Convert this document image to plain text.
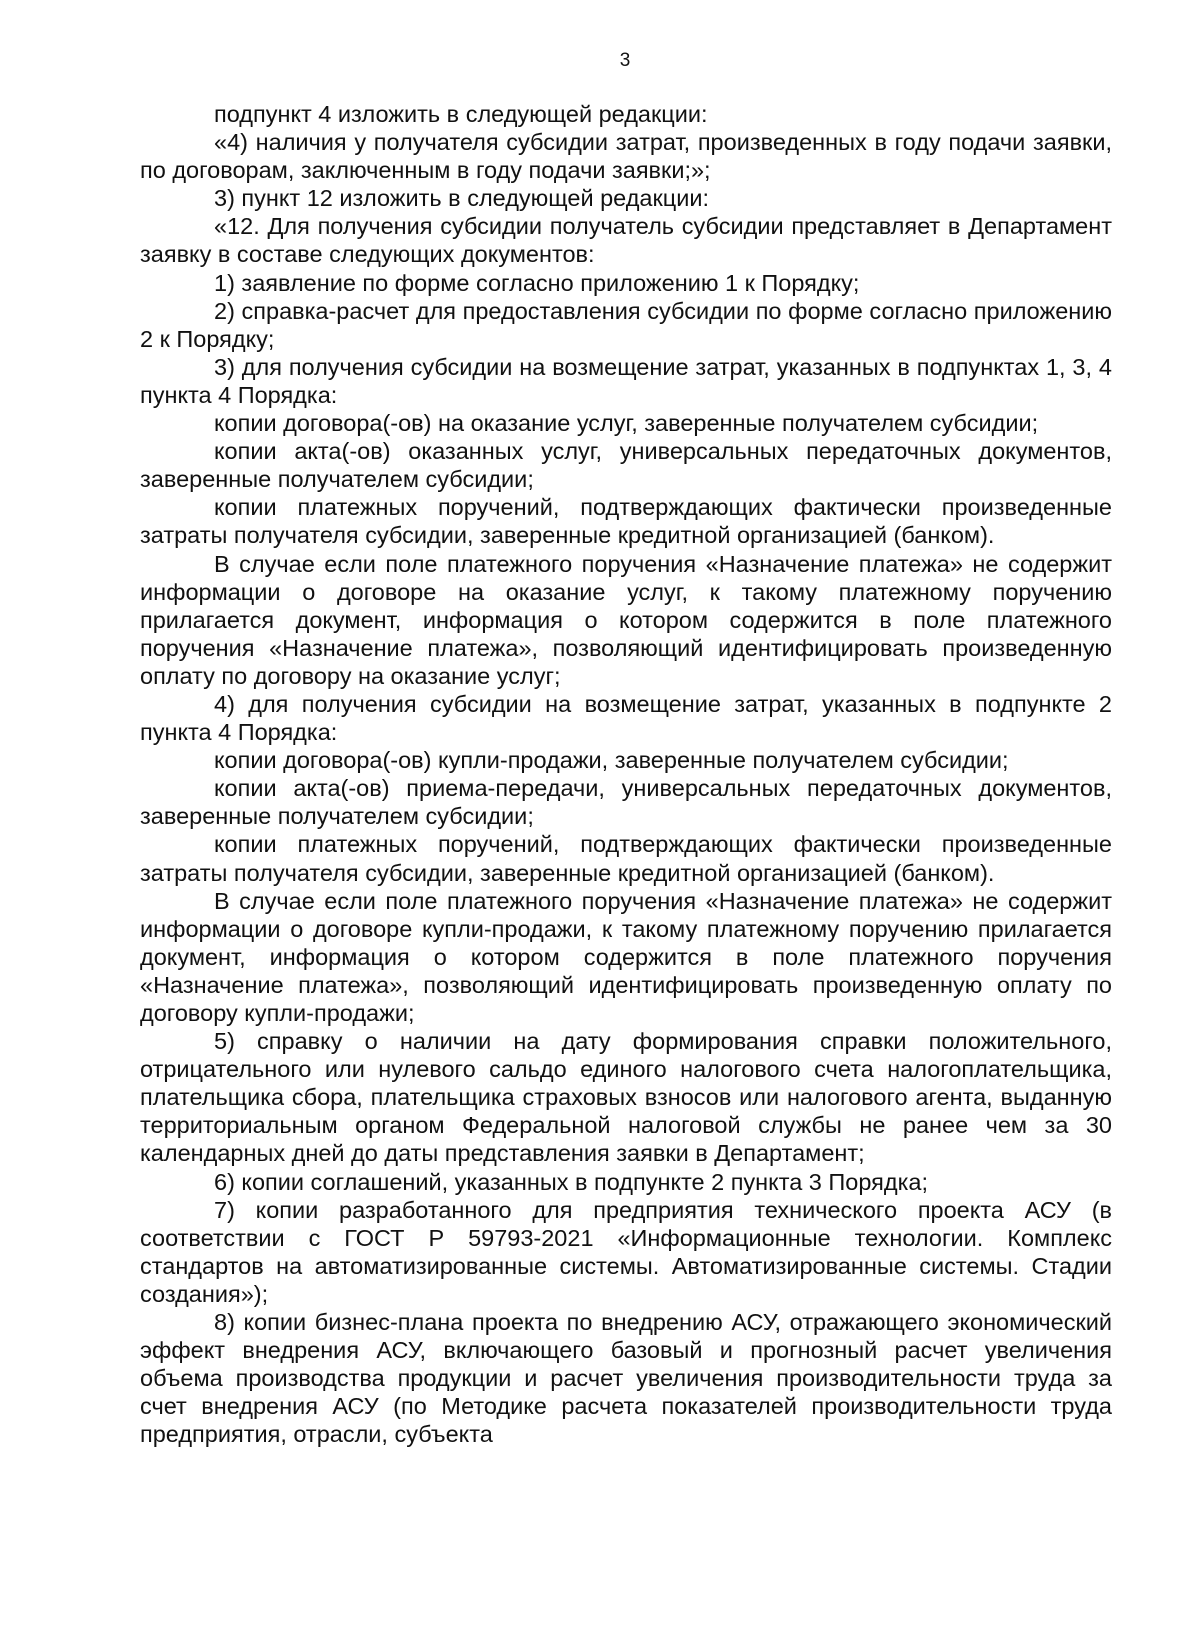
3

подпункт 4 изложить в следующей редакции:

«4) наличия у получателя субсидии затрат, произведенных в году подачи заявки, по договорам, заключенным в году подачи заявки;»;

3) пункт 12 изложить в следующей редакции:

«12. Для получения субсидии получатель субсидии представляет в Департамент заявку в составе следующих документов:

1) заявление по форме согласно приложению 1 к Порядку;

2) справка-расчет для предоставления субсидии по форме согласно приложению 2 к Порядку;

3) для получения субсидии на возмещение затрат, указанных в подпунктах 1, 3, 4 пункта 4 Порядка:

копии договора(-ов) на оказание услуг, заверенные получателем субсидии;

копии акта(-ов) оказанных услуг, универсальных передаточных документов, заверенные получателем субсидии;

копии платежных поручений, подтверждающих фактически произведенные затраты получателя субсидии, заверенные кредитной организацией (банком).

В случае если поле платежного поручения «Назначение платежа» не содержит информации о договоре на оказание услуг, к такому платежному поручению прилагается документ, информация о котором содержится в поле платежного поручения «Назначение платежа», позволяющий идентифицировать произведенную оплату по договору на оказание услуг;

4) для получения субсидии на возмещение затрат, указанных в подпункте 2 пункта 4 Порядка:

копии договора(-ов) купли-продажи, заверенные получателем субсидии;

копии акта(-ов) приема-передачи, универсальных передаточных документов, заверенные получателем субсидии;

копии платежных поручений, подтверждающих фактически произведенные затраты получателя субсидии, заверенные кредитной организацией (банком).

В случае если поле платежного поручения «Назначение платежа» не содержит информации о договоре купли-продажи, к такому платежному поручению прилагается документ, информация о котором содержится в поле платежного поручения «Назначение платежа», позволяющий идентифицировать произведенную оплату по договору купли-продажи;

5) справку о наличии на дату формирования справки положительного, отрицательного или нулевого сальдо единого налогового счета налогоплательщика, плательщика сбора, плательщика страховых взносов или налогового агента, выданную территориальным органом Федеральной налоговой службы не ранее чем за 30 календарных дней до даты представления заявки в Департамент;

6) копии соглашений, указанных в подпункте 2 пункта 3 Порядка;

7) копии разработанного для предприятия технического проекта АСУ (в соответствии с ГОСТ Р 59793-2021 «Информационные технологии. Комплекс стандартов на автоматизированные системы. Автоматизированные системы. Стадии создания»);

8) копии бизнес-плана проекта по внедрению АСУ, отражающего экономический эффект внедрения АСУ, включающего базовый и прогнозный расчет увеличения объема производства продукции и расчет увеличения производительности труда за счет внедрения АСУ (по Методике расчета показателей производительности труда предприятия, отрасли, субъекта
